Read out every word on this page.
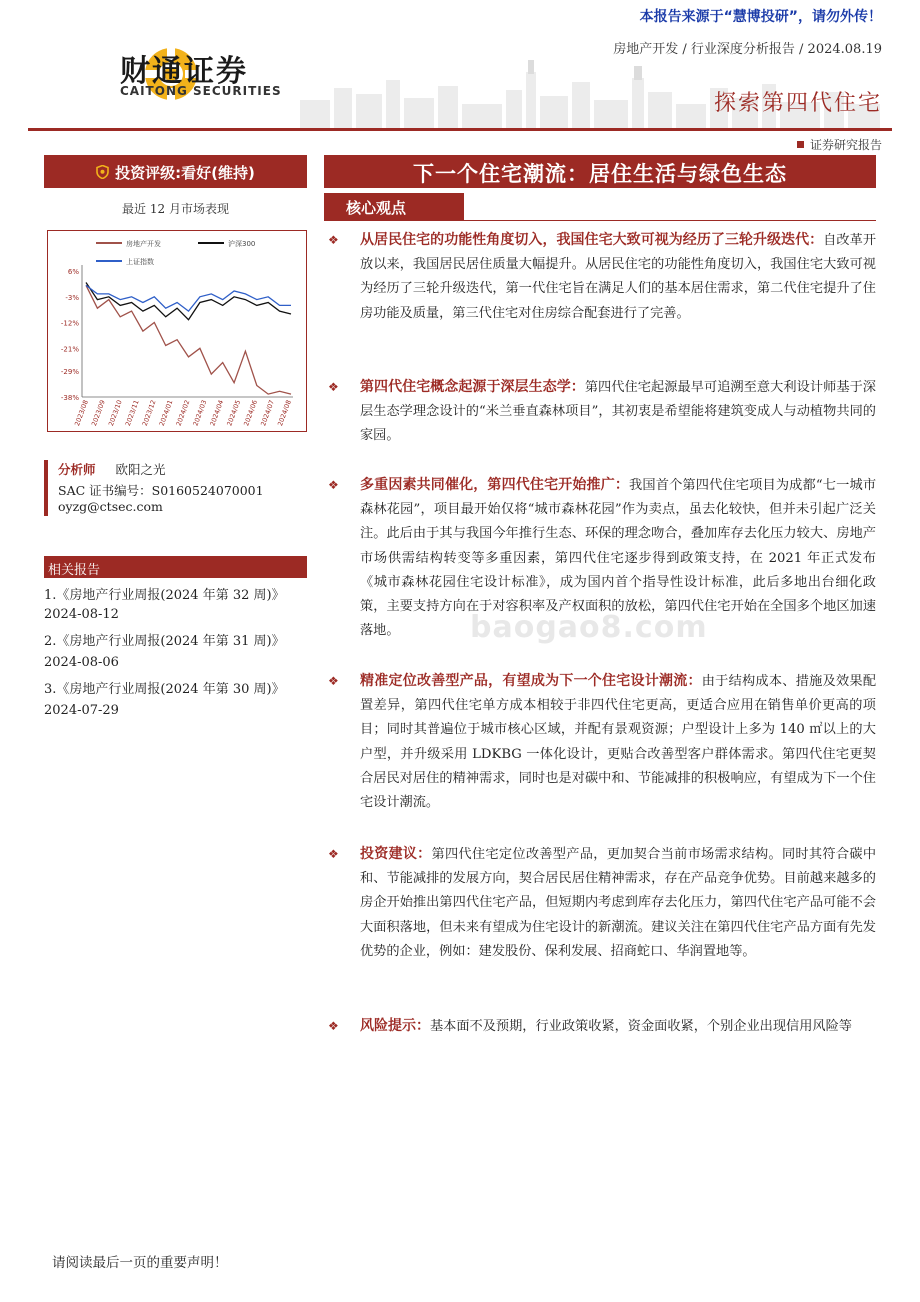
本报告来源于“慧博投研”，请勿外传！
财通证券
CAITONG SECURITIES
房地产开发 / 行业深度分析报告 / 2024.08.19
探索第四代住宅
证券研究报告
投资评级:看好(维持)
最近 12 月市场表现
房地产开发	沪深300
上证指数
6%
-3%
-12%
-21%
-29%
-38%
2023/08 2023/09 2023/10 2023/11 2023/12 2024/01 2024/02 2024/03 2024/04 2024/05 2024/06 2024/07 2024/08
分析师 欧阳之光
SAC 证书编号：S0160524070001
oyzg@ctsec.com
相关报告
1.《房地产行业周报(2024 年第 32 周)》
2024-08-12
2.《房地产行业周报(2024 年第 31 周)》
2024-08-06
3.《房地产行业周报(2024 年第 30 周)》
2024-07-29
下一个住宅潮流：居住生活与绿色生态
核心观点
❖ 从居民住宅的功能性角度切入，我国住宅大致可视为经历了三轮升级迭代：自改革开放以来，我国居民居住质量大幅提升。从居民住宅的功能性角度切入，我国住宅大致可视为经历了三轮升级迭代，第一代住宅旨在满足人们的基本居住需求，第二代住宅提升了住房功能及质量，第三代住宅对住房综合配套进行了完善。
❖ 第四代住宅概念起源于深层生态学：第四代住宅起源最早可追溯至意大利设计师基于深层生态学理念设计的“米兰垂直森林项目”，其初衷是希望能将建筑变成人与动植物共同的家园。
❖ 多重因素共同催化，第四代住宅开始推广：我国首个第四代住宅项目为成都“七一城市森林花园”，项目最开始仅将“城市森林花园”作为卖点，虽去化较快，但并未引起广泛关注。此后由于其与我国今年推行生态、环保的理念吻合，叠加库存去化压力较大、房地产市场供需结构转变等多重因素，第四代住宅逐步得到政策支持，在 2021 年正式发布《城市森林花园住宅设计标准》，成为国内首个指导性设计标准，此后多地出台细化政策，主要支持方向在于对容积率及产权面积的放松，第四代住宅开始在全国多个地区加速落地。
❖ 精准定位改善型产品，有望成为下一个住宅设计潮流：由于结构成本、措施及效果配置差异，第四代住宅单方成本相较于非四代住宅更高，更适合应用在销售单价更高的项目；同时其普遍位于城市核心区域，并配有景观资源；户型设计上多为 140 ㎡以上的大户型，并升级采用 LDKBG 一体化设计，更贴合改善型客户群体需求。第四代住宅更契合居民对居住的精神需求，同时也是对碳中和、节能减排的积极响应，有望成为下一个住宅设计潮流。
❖ 投资建议：第四代住宅定位改善型产品，更加契合当前市场需求结构。同时其符合碳中和、节能减排的发展方向，契合居民居住精神需求，存在产品竞争优势。目前越来越多的房企开始推出第四代住宅产品，但短期内考虑到库存去化压力，第四代住宅产品可能不会大面积落地，但未来有望成为住宅设计的新潮流。建议关注在第四代住宅产品方面有先发优势的企业，例如：建发股份、保利发展、招商蛇口、华润置地等。
❖ 风险提示：基本面不及预期，行业政策收紧，资金面收紧，个别企业出现信用风险等
baogao8.com
请阅读最后一页的重要声明！
